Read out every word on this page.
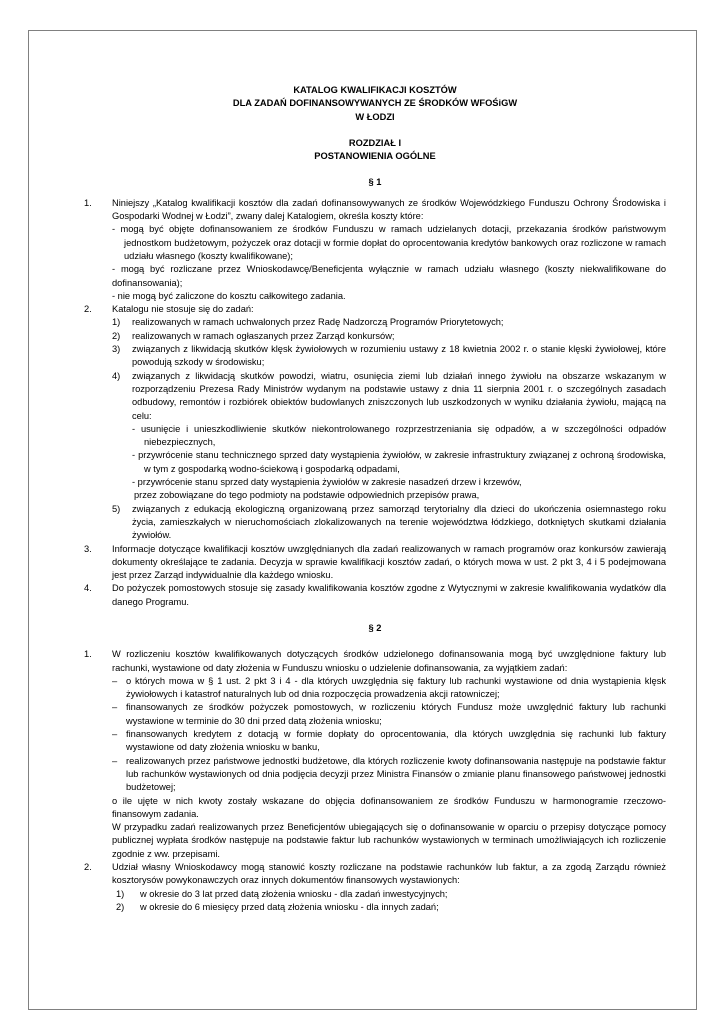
KATALOG KWALIFIKACJI KOSZTÓW
DLA ZADAŃ DOFINANSOWYWANYCH ZE ŚRODKÓW WFOŚiGW
W ŁODZI
ROZDZIAŁ I
POSTANOWIENIA OGÓLNE
§ 1
1. Niniejszy „Katalog kwalifikacji kosztów dla zadań dofinansowywanych ze środków Wojewódzkiego Funduszu Ochrony Środowiska i Gospodarki Wodnej w Łodzi”, zwany dalej Katalogiem, określa koszty które:
- mogą być objęte dofinansowaniem ze środków Funduszu w ramach udzielanych dotacji, przekazania środków państwowym jednostkom budżetowym, pożyczek oraz dotacji w formie dopłat do oprocentowania kredytów bankowych oraz rozliczone w ramach udziału własnego (koszty kwalifikowane);
- mogą być rozliczane przez Wnioskodawcę/Beneficjenta wyłącznie w ramach udziału własnego (koszty niekwalifikowane do dofinansowania);
- nie mogą być zaliczone do kosztu całkowitego zadania.
2. Katalogu nie stosuje się do zadań:
1) realizowanych w ramach uchwalonych przez Radę Nadzorczą Programów Priorytetowych;
2) realizowanych w ramach ogłaszanych przez Zarząd konkursów;
3) związanych z likwidacją skutków klęsk żywiołowych w rozumieniu ustawy z 18 kwietnia 2002 r. o stanie klęski żywiołowej, które powodują szkody w środowisku;
4) związanych z likwidacją skutków powodzi, wiatru, osunięcia ziemi lub działań innego żywiołu na obszarze wskazanym w rozporządzeniu Prezesa Rady Ministrów wydanym na podstawie ustawy z dnia 11 sierpnia 2001 r. o szczególnych zasadach odbudowy, remontów i rozbiórek obiektów budowlanych zniszczonych lub uszkodzonych w wyniku działania żywiołu, mającą na celu:
- usunięcie i unieszkodliwienie skutków niekontrolowanego rozprzestrzeniania się odpadów, a w szczególności odpadów niebezpiecznych,
- przywrócenie stanu technicznego sprzed daty wystąpienia żywiołów, w zakresie infrastruktury związanej z ochroną środowiska, w tym z gospodarką wodno-ściekową i gospodarką odpadami,
- przywrócenie stanu sprzed daty wystąpienia żywiołów w zakresie nasadzeń drzew i krzewów,
przez zobowiązane do tego podmioty na podstawie odpowiednich przepisów prawa,
5) związanych z edukacją ekologiczną organizowaną przez samorząd terytorialny dla dzieci do ukończenia osiemnastego roku życia, zamieszkałych w nieruchomościach zlokalizowanych na terenie województwa łódzkiego, dotkniętych skutkami działania żywiołów.
3. Informacje dotyczące kwalifikacji kosztów uwzględnianych dla zadań realizowanych w ramach programów oraz konkursów zawierają dokumenty określające te zadania. Decyzja w sprawie kwalifikacji kosztów zadań, o których mowa w ust. 2 pkt 3, 4 i 5 podejmowana jest przez Zarząd indywidualnie dla każdego wniosku.
4. Do pożyczek pomostowych stosuje się zasady kwalifikowania kosztów zgodne z Wytycznymi w zakresie kwalifikowania wydatków dla danego Programu.
§ 2
1. W rozliczeniu kosztów kwalifikowanych dotyczących środków udzielonego dofinansowania mogą być uwzględnione faktury lub rachunki, wystawione od daty złożenia w Funduszu wniosku o udzielenie dofinansowania, za wyjątkiem zadań:
– o których mowa w § 1 ust. 2 pkt 3 i 4 - dla których uwzględnia się faktury lub rachunki wystawione od dnia wystąpienia klęsk żywiołowych i katastrof naturalnych lub od dnia rozpoczęcia prowadzenia akcji ratowniczej;
– finansowanych ze środków pożyczek pomostowych, w rozliczeniu których Fundusz może uwzględnić faktury lub rachunki wystawione w terminie do 30 dni przed datą złożenia wniosku;
– finansowanych kredytem z dotacją w formie dopłaty do oprocentowania, dla których uwzględnia się rachunki lub faktury wystawione od daty złożenia wniosku w banku,
– realizowanych przez państwowe jednostki budżetowe, dla których rozliczenie kwoty dofinansowania następuje na podstawie faktur lub rachunków wystawionych od dnia podjęcia decyzji przez Ministra Finansów o zmianie planu finansowego państwowej jednostki budżetowej;
o ile ujęte w nich kwoty zostały wskazane do objęcia dofinansowaniem ze środków Funduszu w harmonogramie rzeczowo-finansowym zadania.
W przypadku zadań realizowanych przez Beneficjentów ubiegających się o dofinansowanie w oparciu o przepisy dotyczące pomocy publicznej wypłata środków następuje na podstawie faktur lub rachunków wystawionych w terminach umożliwiających ich rozliczenie zgodnie z ww. przepisami.
2. Udział własny Wnioskodawcy mogą stanowić koszty rozliczane na podstawie rachunków lub faktur, a za zgodą Zarządu również kosztorysów powykonawczych oraz innych dokumentów finansowych wystawionych:
1) w okresie do 3 lat przed datą złożenia wniosku - dla zadań inwestycyjnych;
2) w okresie do 6 miesięcy przed datą złożenia wniosku - dla innych zadań;
